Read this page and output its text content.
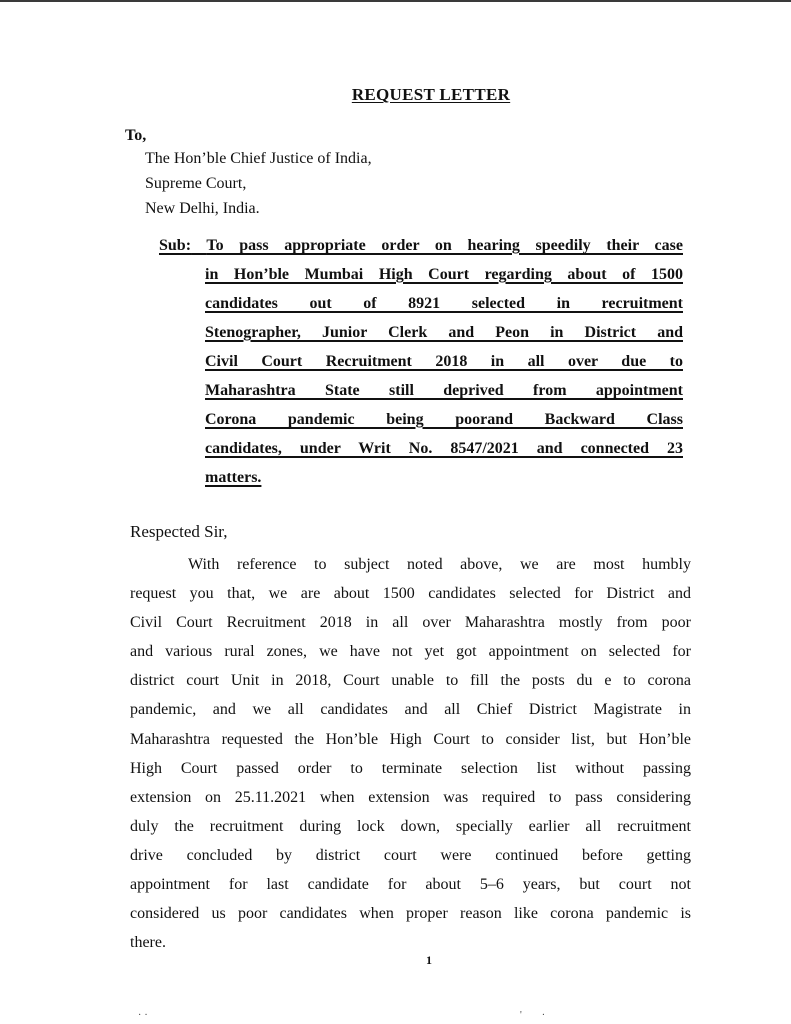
REQUEST LETTER
To,
The Hon’ble Chief Justice of India,
Supreme Court,
New Delhi, India.
Sub: To pass appropriate order on hearing speedily their case
in Hon’ble Mumbai High Court regarding about of 1500
candidates out of 8921 selected in recruitment
Stenographer, Junior Clerk and Peon in District and
Civil Court Recruitment 2018 in all over due to
Maharashtra State still deprived from appointment
Corona pandemic being poorand Backward Class
candidates, under Writ No. 8547/2021 and connected 23
matters.
Respected Sir,
With reference to subject noted above, we are most humbly
request you that, we are about 1500 candidates selected for District and
Civil Court Recruitment 2018 in all over Maharashtra mostly from poor
and various rural zones, we have not yet got appointment on selected for
district court Unit in 2018, Court unable to fill the posts du e to corona
pandemic, and we all candidates and all Chief District Magistrate in
Maharashtra requested the Hon’ble High Court to consider list, but Hon’ble
High Court passed order to terminate selection list without passing
extension on 25.11.2021 when extension was required to pass considering
duly the recruitment during lock down, specially earlier all recruitment
drive concluded by district court were continued before getting
appointment for last candidate for about 5–6 years, but court not
considered us poor candidates when proper reason like corona pandemic is
there.
1
··	'·
